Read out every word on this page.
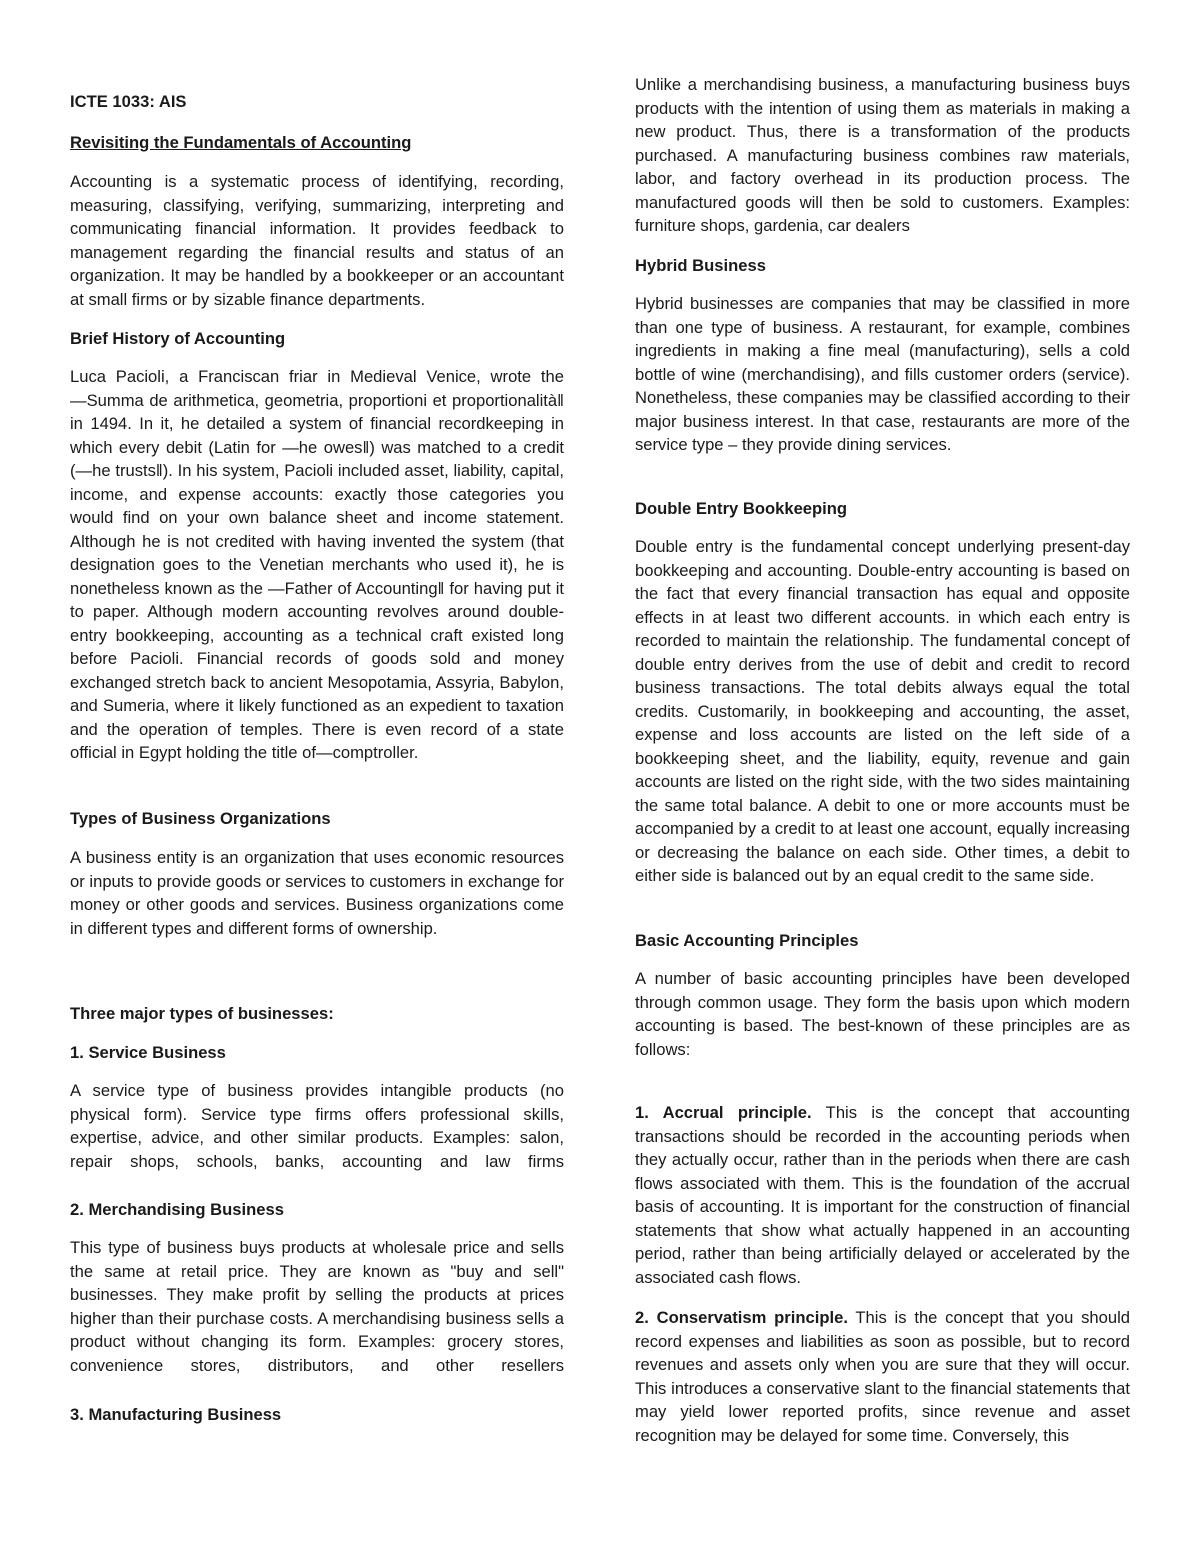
ICTE 1033: AIS

Revisiting the Fundamentals of Accounting

Accounting is a systematic process of identifying, recording, measuring, classifying, verifying, summarizing, interpreting and communicating financial information. It provides feedback to management regarding the financial results and status of an organization. It may be handled by a bookkeeper or an accountant at small firms or by sizable finance departments.

Brief History of Accounting

Luca Pacioli, a Franciscan friar in Medieval Venice, wrote the ―Summa de arithmetica, geometria, proportioni et proportionalità‖ in 1494. In it, he detailed a system of financial recordkeeping in which every debit (Latin for ―he owes‖) was matched to a credit (―he trusts‖). In his system, Pacioli included asset, liability, capital, income, and expense accounts: exactly those categories you would find on your own balance sheet and income statement. Although he is not credited with having invented the system (that designation goes to the Venetian merchants who used it), he is nonetheless known as the ―Father of Accounting‖ for having put it to paper. Although modern accounting revolves around double-entry bookkeeping, accounting as a technical craft existed long before Pacioli. Financial records of goods sold and money exchanged stretch back to ancient Mesopotamia, Assyria, Babylon, and Sumeria, where it likely functioned as an expedient to taxation and the operation of temples. There is even record of a state official in Egypt holding the title of―comptroller.

Types of Business Organizations

A business entity is an organization that uses economic resources or inputs to provide goods or services to customers in exchange for money or other goods and services. Business organizations come in different types and different forms of ownership.

Three major types of businesses:

1. Service Business

A service type of business provides intangible products (no physical form). Service type firms offers professional skills, expertise, advice, and other similar products. Examples: salon, repair shops, schools, banks, accounting and law firms

2. Merchandising Business

This type of business buys products at wholesale price and sells the same at retail price. They are known as "buy and sell" businesses. They make profit by selling the products at prices higher than their purchase costs. A merchandising business sells a product without changing its form. Examples: grocery stores, convenience stores, distributors, and other resellers

3. Manufacturing Business

Unlike a merchandising business, a manufacturing business buys products with the intention of using them as materials in making a new product. Thus, there is a transformation of the products purchased. A manufacturing business combines raw materials, labor, and factory overhead in its production process. The manufactured goods will then be sold to customers. Examples: furniture shops, gardenia, car dealers

Hybrid Business

Hybrid businesses are companies that may be classified in more than one type of business. A restaurant, for example, combines ingredients in making a fine meal (manufacturing), sells a cold bottle of wine (merchandising), and fills customer orders (service). Nonetheless, these companies may be classified according to their major business interest. In that case, restaurants are more of the service type – they provide dining services.

Double Entry Bookkeeping

Double entry is the fundamental concept underlying present-day bookkeeping and accounting. Double-entry accounting is based on the fact that every financial transaction has equal and opposite effects in at least two different accounts. in which each entry is recorded to maintain the relationship. The fundamental concept of double entry derives from the use of debit and credit to record business transactions. The total debits always equal the total credits. Customarily, in bookkeeping and accounting, the asset, expense and loss accounts are listed on the left side of a bookkeeping sheet, and the liability, equity, revenue and gain accounts are listed on the right side, with the two sides maintaining the same total balance. A debit to one or more accounts must be accompanied by a credit to at least one account, equally increasing or decreasing the balance on each side. Other times, a debit to either side is balanced out by an equal credit to the same side.

Basic Accounting Principles

A number of basic accounting principles have been developed through common usage. They form the basis upon which modern accounting is based. The best-known of these principles are as follows:

1. Accrual principle. This is the concept that accounting transactions should be recorded in the accounting periods when they actually occur, rather than in the periods when there are cash flows associated with them. This is the foundation of the accrual basis of accounting. It is important for the construction of financial statements that show what actually happened in an accounting period, rather than being artificially delayed or accelerated by the associated cash flows.

2. Conservatism principle. This is the concept that you should record expenses and liabilities as soon as possible, but to record revenues and assets only when you are sure that they will occur. This introduces a conservative slant to the financial statements that may yield lower reported profits, since revenue and asset recognition may be delayed for some time. Conversely, this
